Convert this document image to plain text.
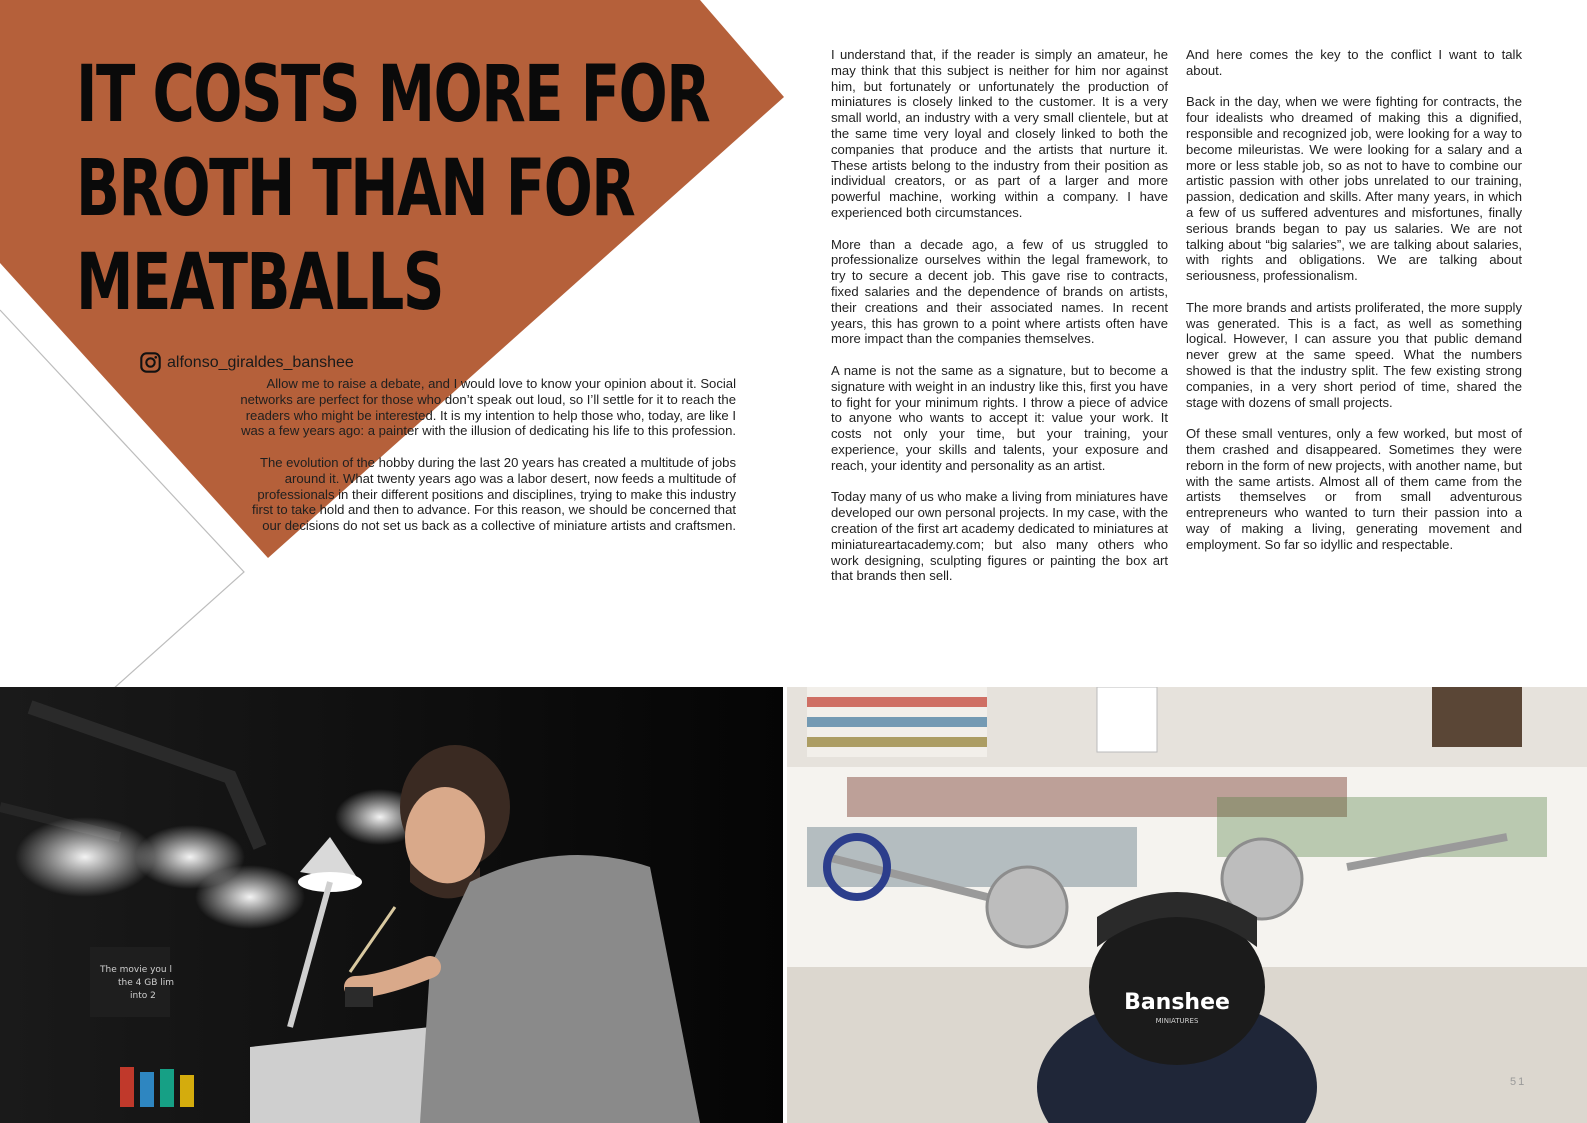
IT COSTS MORE FOR
BROTH THAN FOR
MEATBALLS
alfonso_giraldes_banshee

Allow me to raise a debate, and I would love to know your opinion about it. Social networks are perfect for those who don’t speak out loud, so I’ll settle for it to reach the readers who might be interested. It is my intention to help those who, today, are like I was a few years ago: a painter with the illusion of dedicating his life to this profession.

The evolution of the hobby during the last 20 years has created a multitude of jobs around it. What twenty years ago was a labor desert, now feeds a multitude of professionals in their different positions and disciplines, trying to make this industry first to take hold and then to advance. For this reason, we should be concerned that our decisions do not set us back as a collective of miniature artists and craftsmen.

I understand that, if the reader is simply an amateur, he may think that this subject is neither for him nor against him, but fortunately or unfortunately the production of miniatures is closely linked to the customer. It is a very small world, an industry with a very small clientele, but at the same time very loyal and closely linked to both the companies that produce and the artists that nurture it. These artists belong to the industry from their position as individual creators, or as part of a larger and more powerful machine, working within a company. I have experienced both circumstances.

More than a decade ago, a few of us struggled to professionalize ourselves within the legal framework, to try to secure a decent job. This gave rise to contracts, fixed salaries and the dependence of brands on artists, their creations and their associated names. In recent years, this has grown to a point where artists often have more impact than the companies themselves.

A name is not the same as a signature, but to become a signature with weight in an industry like this, first you have to fight for your minimum rights. I throw a piece of advice to anyone who wants to accept it: value your work. It costs not only your time, but your training, your experience, your skills and talents, your exposure and reach, your identity and personality as an artist.

Today many of us who make a living from miniatures have developed our own personal projects. In my case, with the creation of the first art academy dedicated to miniatures at miniatureartacademy.com; but also many others who work designing, sculpting figures or painting the box art that brands then sell.

And here comes the key to the conflict I want to talk about.

Back in the day, when we were fighting for contracts, the four idealists who dreamed of making this a dignified, responsible and recognized job, were looking for a way to become mileuristas. We were looking for a salary and a more or less stable job, so as not to have to combine our artistic passion with other jobs unrelated to our training, passion, dedication and skills. After many years, in which a few of us suffered adventures and misfortunes, finally serious brands began to pay us salaries. We are not talking about “big salaries”, we are talking about salaries, with rights and obligations. We are talking about seriousness, professionalism.

The more brands and artists proliferated, the more supply was generated. This is a fact, as well as something logical. However, I can assure you that public demand never grew at the same speed. What the numbers showed is that the industry split. The few existing strong companies, in a very short period of time, shared the stage with dozens of small projects.

Of these small ventures, only a few worked, but most of them crashed and disappeared. Sometimes they were reborn in the form of new projects, with another name, but with the same artists. Almost all of them came from the artists themselves or from small adventurous entrepreneurs who wanted to turn their passion into a way of making a living, generating movement and employment. So far so idyllic and respectable.

The movie you l
the 4 GB lim
into 2	Banshee
MINIATURES
51
